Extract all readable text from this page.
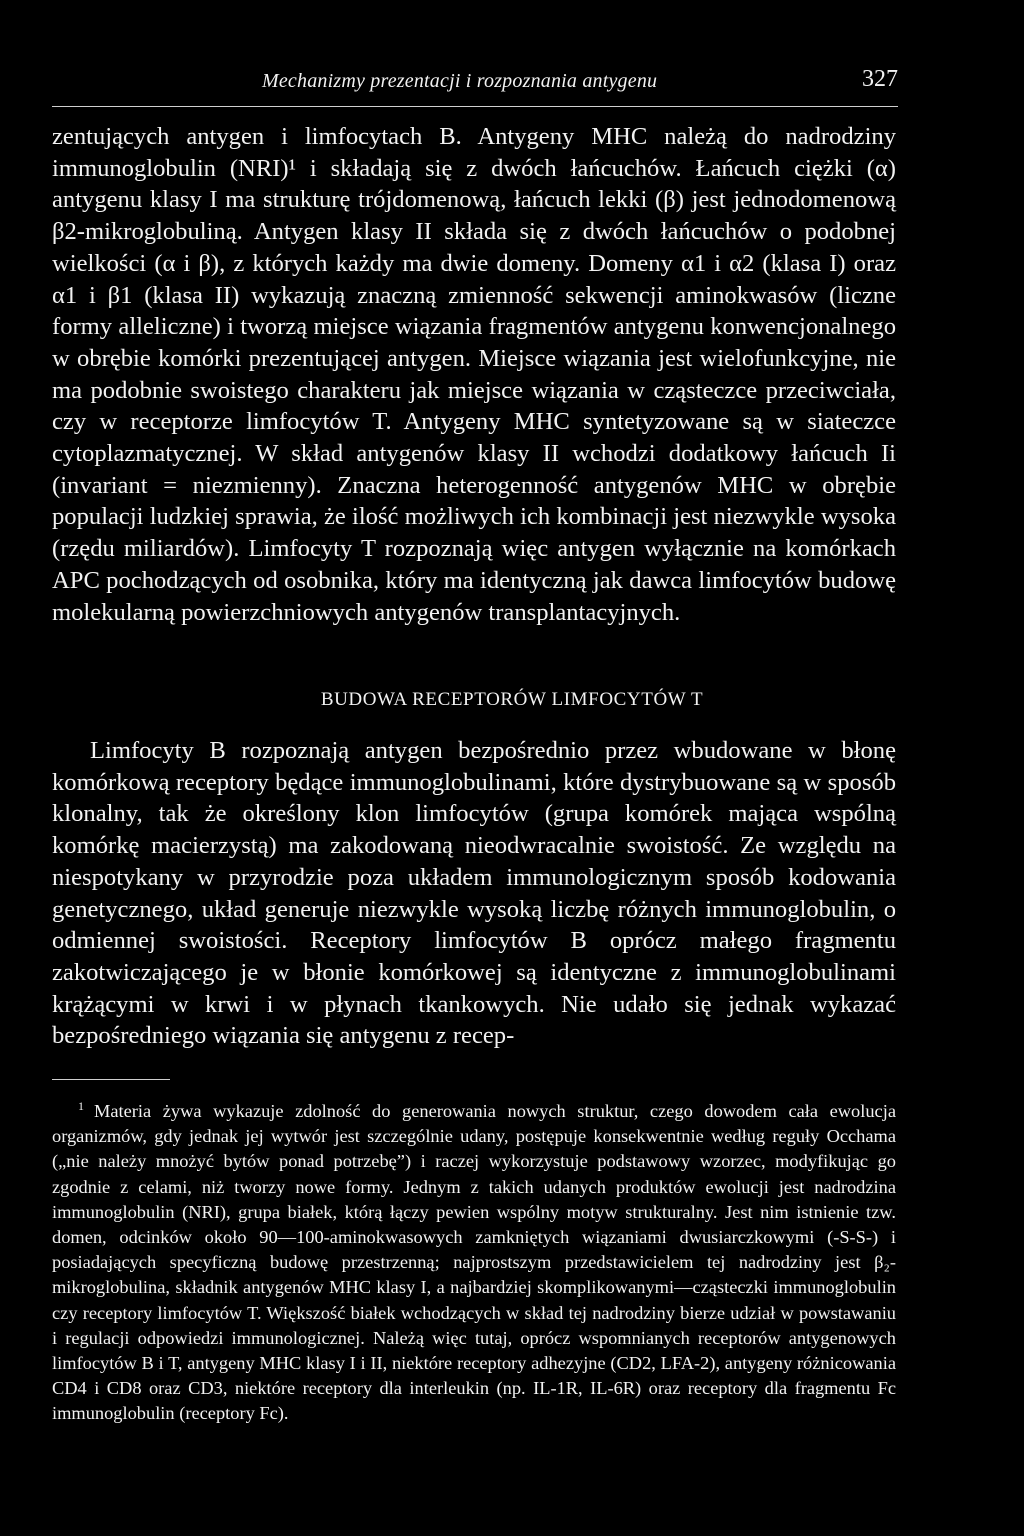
Mechanizmy prezentacji i rozpoznania antygenu	327

zentujących antygen i limfocytach B. Antygeny MHC należą do nadrodziny immunoglobulin (NRI)¹ i składają się z dwóch łańcuchów. Łańcuch ciężki (α) antygenu klasy I ma strukturę trójdomenową, łańcuch lekki (β) jest jednodomenową β2-mikroglobuliną. Antygen klasy II składa się z dwóch łańcuchów o podobnej wielkości (α i β), z których każdy ma dwie domeny. Domeny α1 i α2 (klasa I) oraz α1 i β1 (klasa II) wykazują znaczną zmienność sekwencji aminokwasów (liczne formy alleliczne) i tworzą miejsce wiązania fragmentów antygenu konwencjonalnego w obrębie komórki prezentującej antygen. Miejsce wiązania jest wielofunkcyjne, nie ma podobnie swoistego charakteru jak miejsce wiązania w cząsteczce przeciwciała, czy w receptorze limfocytów T. Antygeny MHC syntetyzowane są w siateczce cytoplazmatycznej. W skład antygenów klasy II wchodzi dodatkowy łańcuch Ii (invariant = niezmienny). Znaczna heterogenność antygenów MHC w obrębie populacji ludzkiej sprawia, że ilość możliwych ich kombinacji jest niezwykle wysoka (rzędu miliardów). Limfocyty T rozpoznają więc antygen wyłącznie na komórkach APC pochodzących od osobnika, który ma identyczną jak dawca limfocytów budowę molekularną powierzchniowych antygenów transplantacyjnych.

BUDOWA RECEPTORÓW LIMFOCYTÓW T

Limfocyty B rozpoznają antygen bezpośrednio przez wbudowane w błonę komórkową receptory będące immunoglobulinami, które dystrybuowane są w sposób klonalny, tak że określony klon limfocytów (grupa komórek mająca wspólną komórkę macierzystą) ma zakodowaną nieodwracalnie swoistość. Ze względu na niespotykany w przyrodzie poza układem immunologicznym sposób kodowania genetycznego, układ generuje niezwykle wysoką liczbę różnych immunoglobulin, o odmiennej swoistości. Receptory limfocytów B oprócz małego fragmentu zakotwiczającego je w błonie komórkowej są identyczne z immunoglobulinami krążącymi w krwi i w płynach tkankowych. Nie udało się jednak wykazać bezpośredniego wiązania się antygenu z recep-

$^1$ Materia żywa wykazuje zdolność do generowania nowych struktur, czego dowodem cała ewolucja organizmów, gdy jednak jej wytwór jest szczególnie udany, postępuje konsekwentnie według reguły Occhama („nie należy mnożyć bytów ponad potrzebę”) i raczej wykorzystuje podstawowy wzorzec, modyfikując go zgodnie z celami, niż tworzy nowe formy. Jednym z takich udanych produktów ewolucji jest nadrodzina immunoglobulin (NRI), grupa białek, którą łączy pewien wspólny motyw strukturalny. Jest nim istnienie tzw. domen, odcinków około 90—100-aminokwasowych zamkniętych wiązaniami dwusiarczkowymi (-S-S-) i posiadających specyficzną budowę przestrzenną; najprostszym przedstawicielem tej nadrodziny jest β₂-mikroglobulina, składnik antygenów MHC klasy I, a najbardziej skomplikowanymi—cząsteczki immunoglobulin czy receptory limfocytów T. Większość białek wchodzących w skład tej nadrodziny bierze udział w powstawaniu i regulacji odpowiedzi immunologicznej. Należą więc tutaj, oprócz wspomnianych receptorów antygenowych limfocytów B i T, antygeny MHC klasy I i II, niektóre receptory adhezyjne (CD2, LFA-2), antygeny różnicowania CD4 i CD8 oraz CD3, niektóre receptory dla interleukin (np. IL-1R, IL-6R) oraz receptory dla fragmentu Fc immunoglobulin (receptory Fc).
